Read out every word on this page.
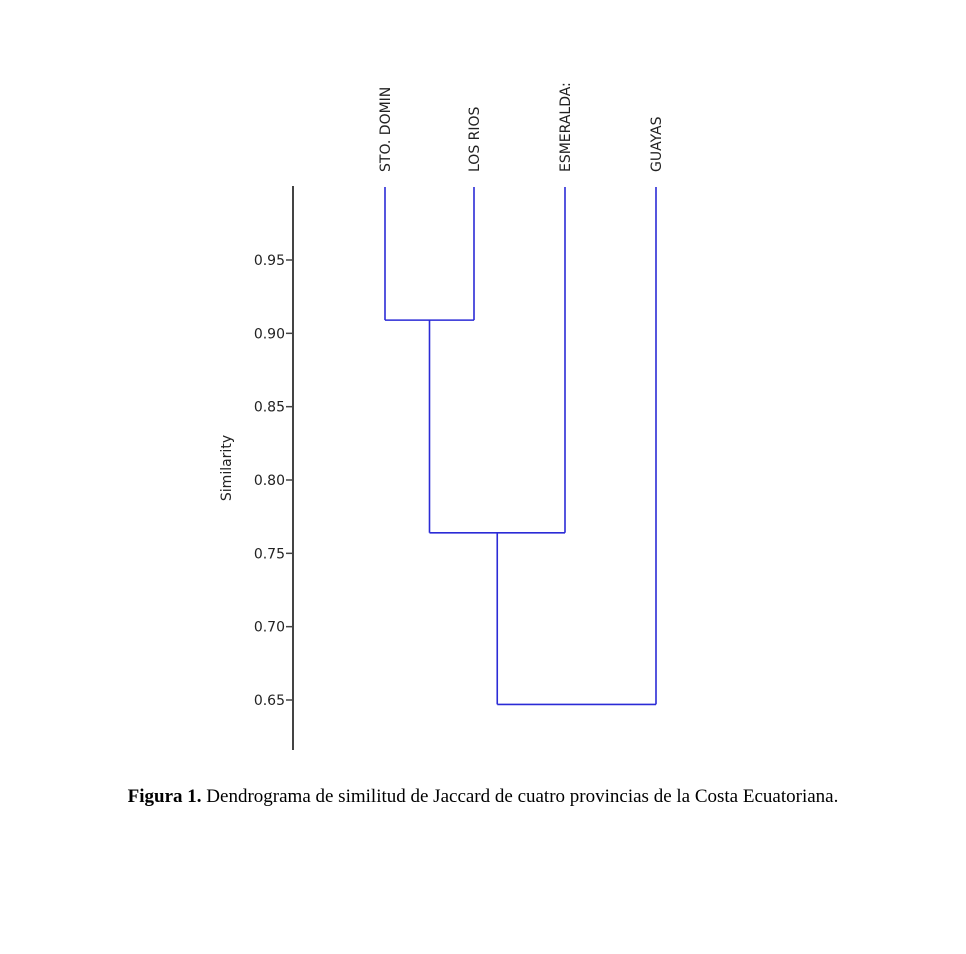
0.65
0.70
0.75
0.80
0.85
0.90
0.95
Similarity
STO. DOMIN	LOS RIOS	ESMERALDA:	GUAYAS
Figura 1. Dendrograma de similitud de Jaccard de cuatro provincias de la Costa Ecuatoriana.
